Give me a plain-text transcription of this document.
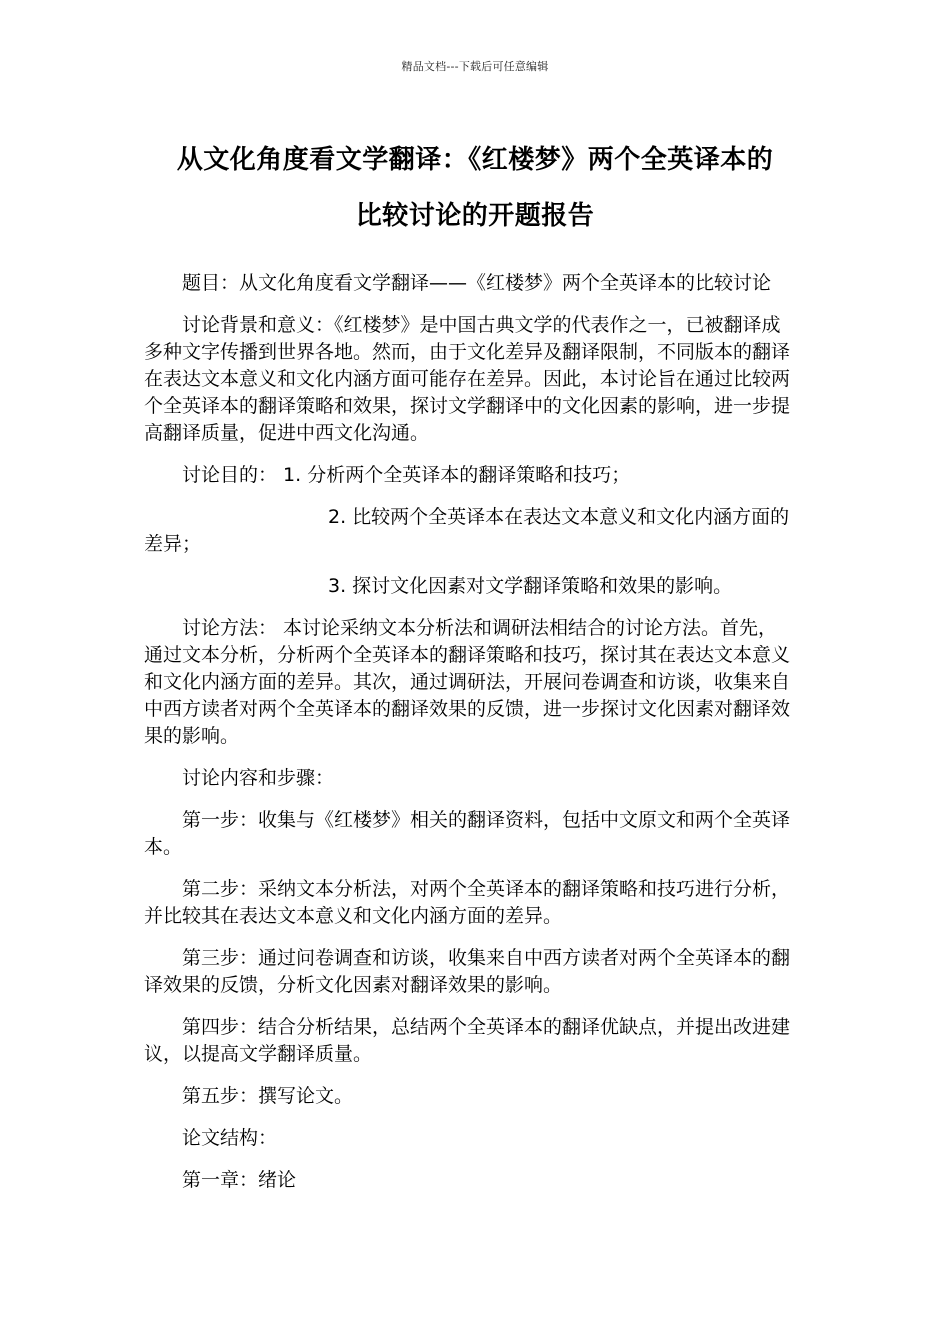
精品文档---下载后可任意编辑
从文化角度看文学翻译：《红楼梦》两个全英译本的
比较讨论的开题报告

题目：从文化角度看文学翻译——《红楼梦》两个全英译本的比较讨论

讨论背景和意义：《红楼梦》是中国古典文学的代表作之一，已被翻译成多种文字传播到世界各地。然而，由于文化差异及翻译限制，不同版本的翻译在表达文本意义和文化内涵方面可能存在差异。因此，本讨论旨在通过比较两个全英译本的翻译策略和效果，探讨文学翻译中的文化因素的影响，进一步提高翻译质量，促进中西文化沟通。

讨论目的： 1. 分析两个全英译本的翻译策略和技巧；

2. 比较两个全英译本在表达文本意义和文化内涵方面的差异；

3. 探讨文化因素对文学翻译策略和效果的影响。

讨论方法： 本讨论采纳文本分析法和调研法相结合的讨论方法。首先，通过文本分析，分析两个全英译本的翻译策略和技巧，探讨其在表达文本意义和文化内涵方面的差异。其次，通过调研法，开展问卷调查和访谈，收集来自中西方读者对两个全英译本的翻译效果的反馈，进一步探讨文化因素对翻译效果的影响。

讨论内容和步骤：

第一步：收集与《红楼梦》相关的翻译资料，包括中文原文和两个全英译本。

第二步：采纳文本分析法，对两个全英译本的翻译策略和技巧进行分析，并比较其在表达文本意义和文化内涵方面的差异。

第三步：通过问卷调查和访谈，收集来自中西方读者对两个全英译本的翻译效果的反馈，分析文化因素对翻译效果的影响。

第四步：结合分析结果，总结两个全英译本的翻译优缺点，并提出改进建议，以提高文学翻译质量。

第五步：撰写论文。

论文结构：

第一章：绪论
